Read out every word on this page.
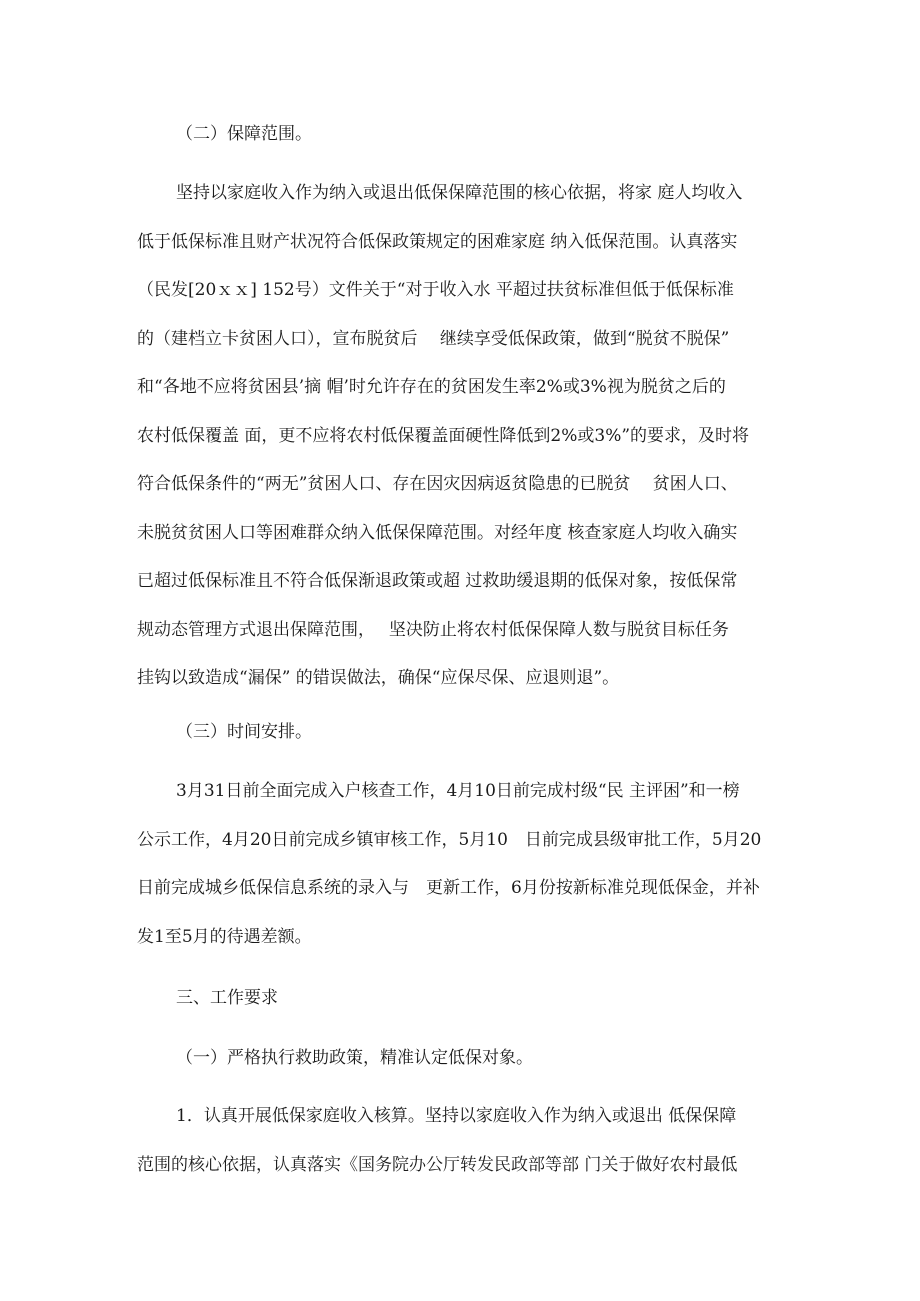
（二）保障范围。
坚持以家庭收入作为纳入或退出低保保障范围的核心依据，将家 庭人均收入
低于低保标准且财产状况符合低保政策规定的困难家庭 纳入低保范围。认真落实
（民发[20ｘｘ] 152号）文件关于“对于收入水 平超过扶贫标准但低于低保标准
的（建档立卡贫困人口），宣布脱贫后　 继续享受低保政策，做到“脱贫不脱保”
和“各地不应将贫困县’摘 帽’时允许存在的贫困发生率2%或3%视为脱贫之后的
农村低保覆盖 面，更不应将农村低保覆盖面硬性降低到2%或3%”的要求，及时将
符合低保条件的“两无”贫困人口、存在因灾因病返贫隐患的已脱贫　 贫困人口、
未脱贫贫困人口等困难群众纳入低保保障范围。对经年度 核查家庭人均收入确实
已超过低保标准且不符合低保渐退政策或超 过救助缓退期的低保对象，按低保常
规动态管理方式退出保障范围，　 坚决防止将农村低保保障人数与脱贫目标任务
挂钩以致造成“漏保” 的错误做法，确保“应保尽保、应退则退”。
（三）时间安排。
3月31日前全面完成入户核查工作，4月10日前完成村级“民 主评困”和一榜
公示工作，4月20日前完成乡镇审核工作，5月10　日前完成县级审批工作，5月20
日前完成城乡低保信息系统的录入与　更新工作，6月份按新标准兑现低保金，并补
发1至5月的待遇差额。
三、工作要求
（一）严格执行救助政策，精准认定低保对象。
1．认真开展低保家庭收入核算。坚持以家庭收入作为纳入或退出 低保保障
范围的核心依据，认真落实《国务院办公厅转发民政部等部 门关于做好农村最低
